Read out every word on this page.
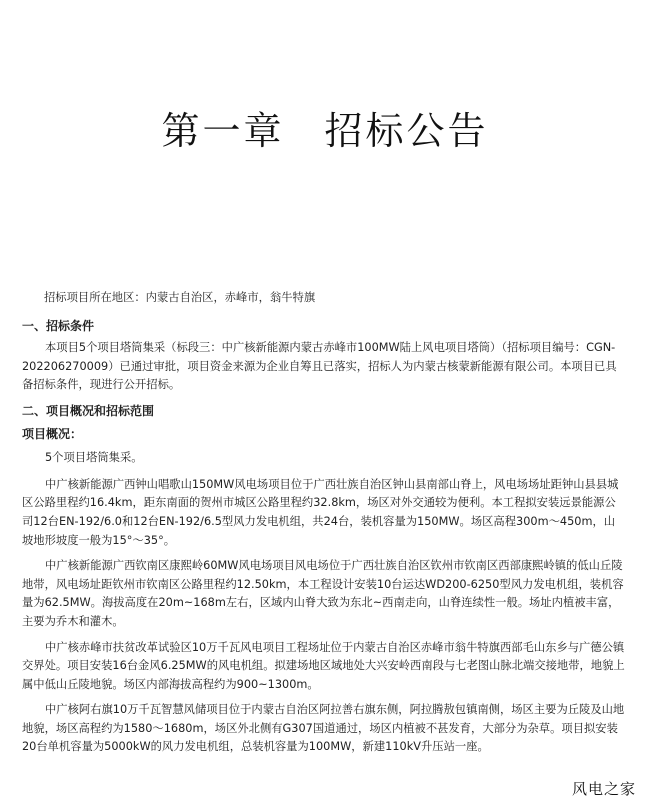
第一章 招标公告

招标项目所在地区：内蒙古自治区，赤峰市，翁牛特旗

一、招标条件

本项目5个项目塔筒集采（标段三：中广核新能源内蒙古赤峰市100MW陆上风电项目塔筒）（招标项目编号：CGN-202206270009）已通过审批，项目资金来源为企业自筹且已落实，招标人为内蒙古核蒙新能源有限公司。本项目已具备招标条件，现进行公开招标。

二、项目概况和招标范围

项目概况：

5个项目塔筒集采。

中广核新能源广西钟山唱歌山150MW风电场项目位于广西壮族自治区钟山县南部山脊上，风电场场址距钟山县县城区公路里程约16.4km，距东南面的贺州市城区公路里程约32.8km，场区对外交通较为便利。本工程拟安装远景能源公司12台EN-192/6.0和12台EN-192/6.5型风力发电机组，共24台，装机容量为150MW。场区高程300m～450m，山坡地形坡度一般为15°～35°。

中广核新能源广西钦南区康熙岭60MW风电场项目风电场位于广西壮族自治区钦州市钦南区西部康熙岭镇的低山丘陵地带，风电场址距钦州市钦南区公路里程约12.50km，本工程设计安装10台运达WD200-6250型风力发电机组，装机容量为62.5MW。海拔高度在20m~168m左右，区域内山脊大致为东北~西南走向，山脊连续性一般。场址内植被丰富，主要为乔木和灌木。

中广核赤峰市扶贫改革试验区10万千瓦风电项目工程场址位于内蒙古自治区赤峰市翁牛特旗西部毛山东乡与广德公镇交界处。项目安装16台金风6.25MW的风电机组。拟建场地区域地处大兴安岭西南段与七老图山脉北端交接地带，地貌上属中低山丘陵地貌。场区内部海拔高程约为900~1300m。

中广核阿右旗10万千瓦智慧风储项目位于内蒙古自治区阿拉善右旗东侧，阿拉腾敖包镇南侧，场区主要为丘陵及山地地貌，场区高程约为1580～1680m，场区外北侧有G307国道通过，场区内植被不甚发育，大部分为杂草。项目拟安装20台单机容量为5000kW的风力发电机组，总装机容量为100MW，新建110kV升压站一座。

风电之家
